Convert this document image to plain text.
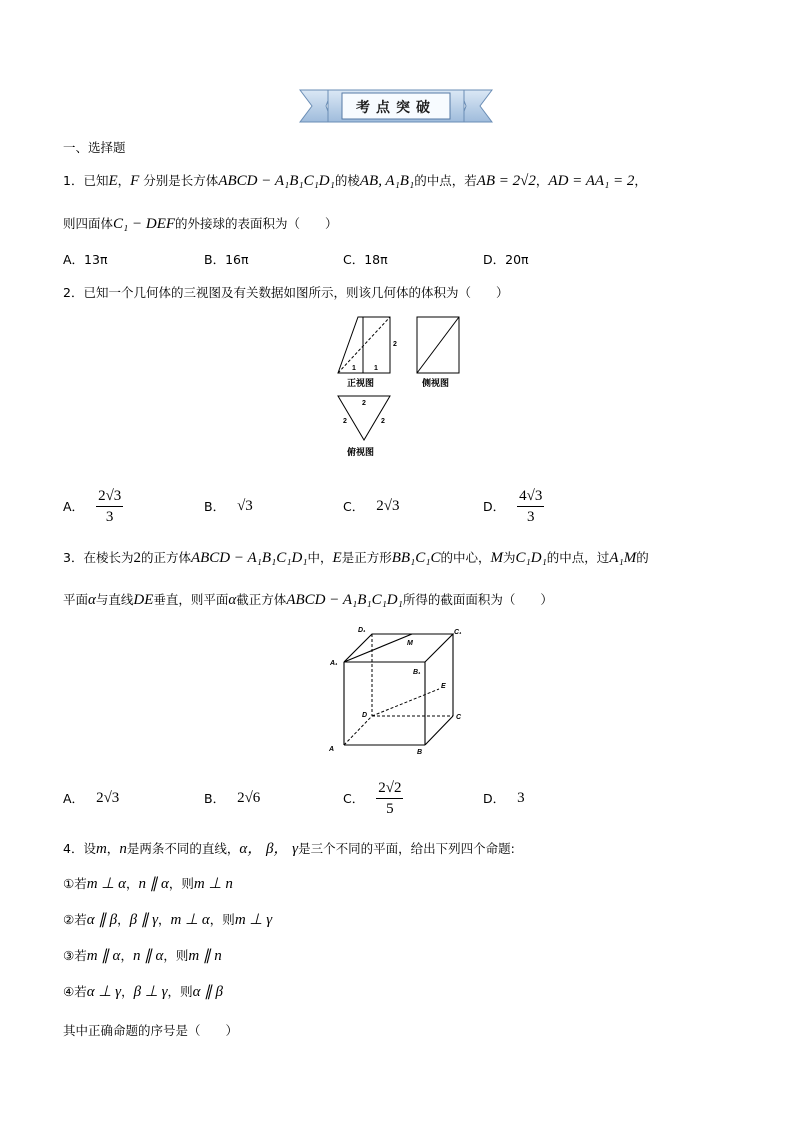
考点突破
一、选择题
1．已知E，F 分别是长方体ABCD − A₁B₁C₁D₁的棱AB, A₁B₁的中点，若AB = 2√2，AD = AA₁ = 2，
则四面体C₁ − DEF的外接球的表面积为（　　）
A．13π	B．16π	C．18π	D．20π
2．已知一个几何体的三视图及有关数据如图所示，则该几何体的体积为（　　）
2
1	1
正视图	侧视图
2
2	2
俯视图
A． $\frac{2√3}{3}$	B． √3	C． 2√3	D． $\frac{4√3}{3}$
3．在棱长为2的正方体ABCD − A₁B₁C₁D₁中，E是正方形BB₁C₁C的中心，M为C₁D₁的中点，过A₁M的
平面α与直线DE垂直，则平面α截正方体ABCD − A₁B₁C₁D₁所得的截面面积为（　　）
D₁	C₁
M
A₁
B₁
E
D	C
A	B
A． 2√3	B． 2√6	C． $\frac{2√2}{5}$	D． 3
4．设m，n是两条不同的直线，α， β， γ是三个不同的平面，给出下列四个命题:
①若m ⊥ α，n ∥ α，则m ⊥ n
②若α ∥ β，β ∥ γ，m ⊥ α，则m ⊥ γ
③若m ∥ α，n ∥ α，则m ∥ n
④若α ⊥ γ，β ⊥ γ，则α ∥ β
其中正确命题的序号是（　　）
